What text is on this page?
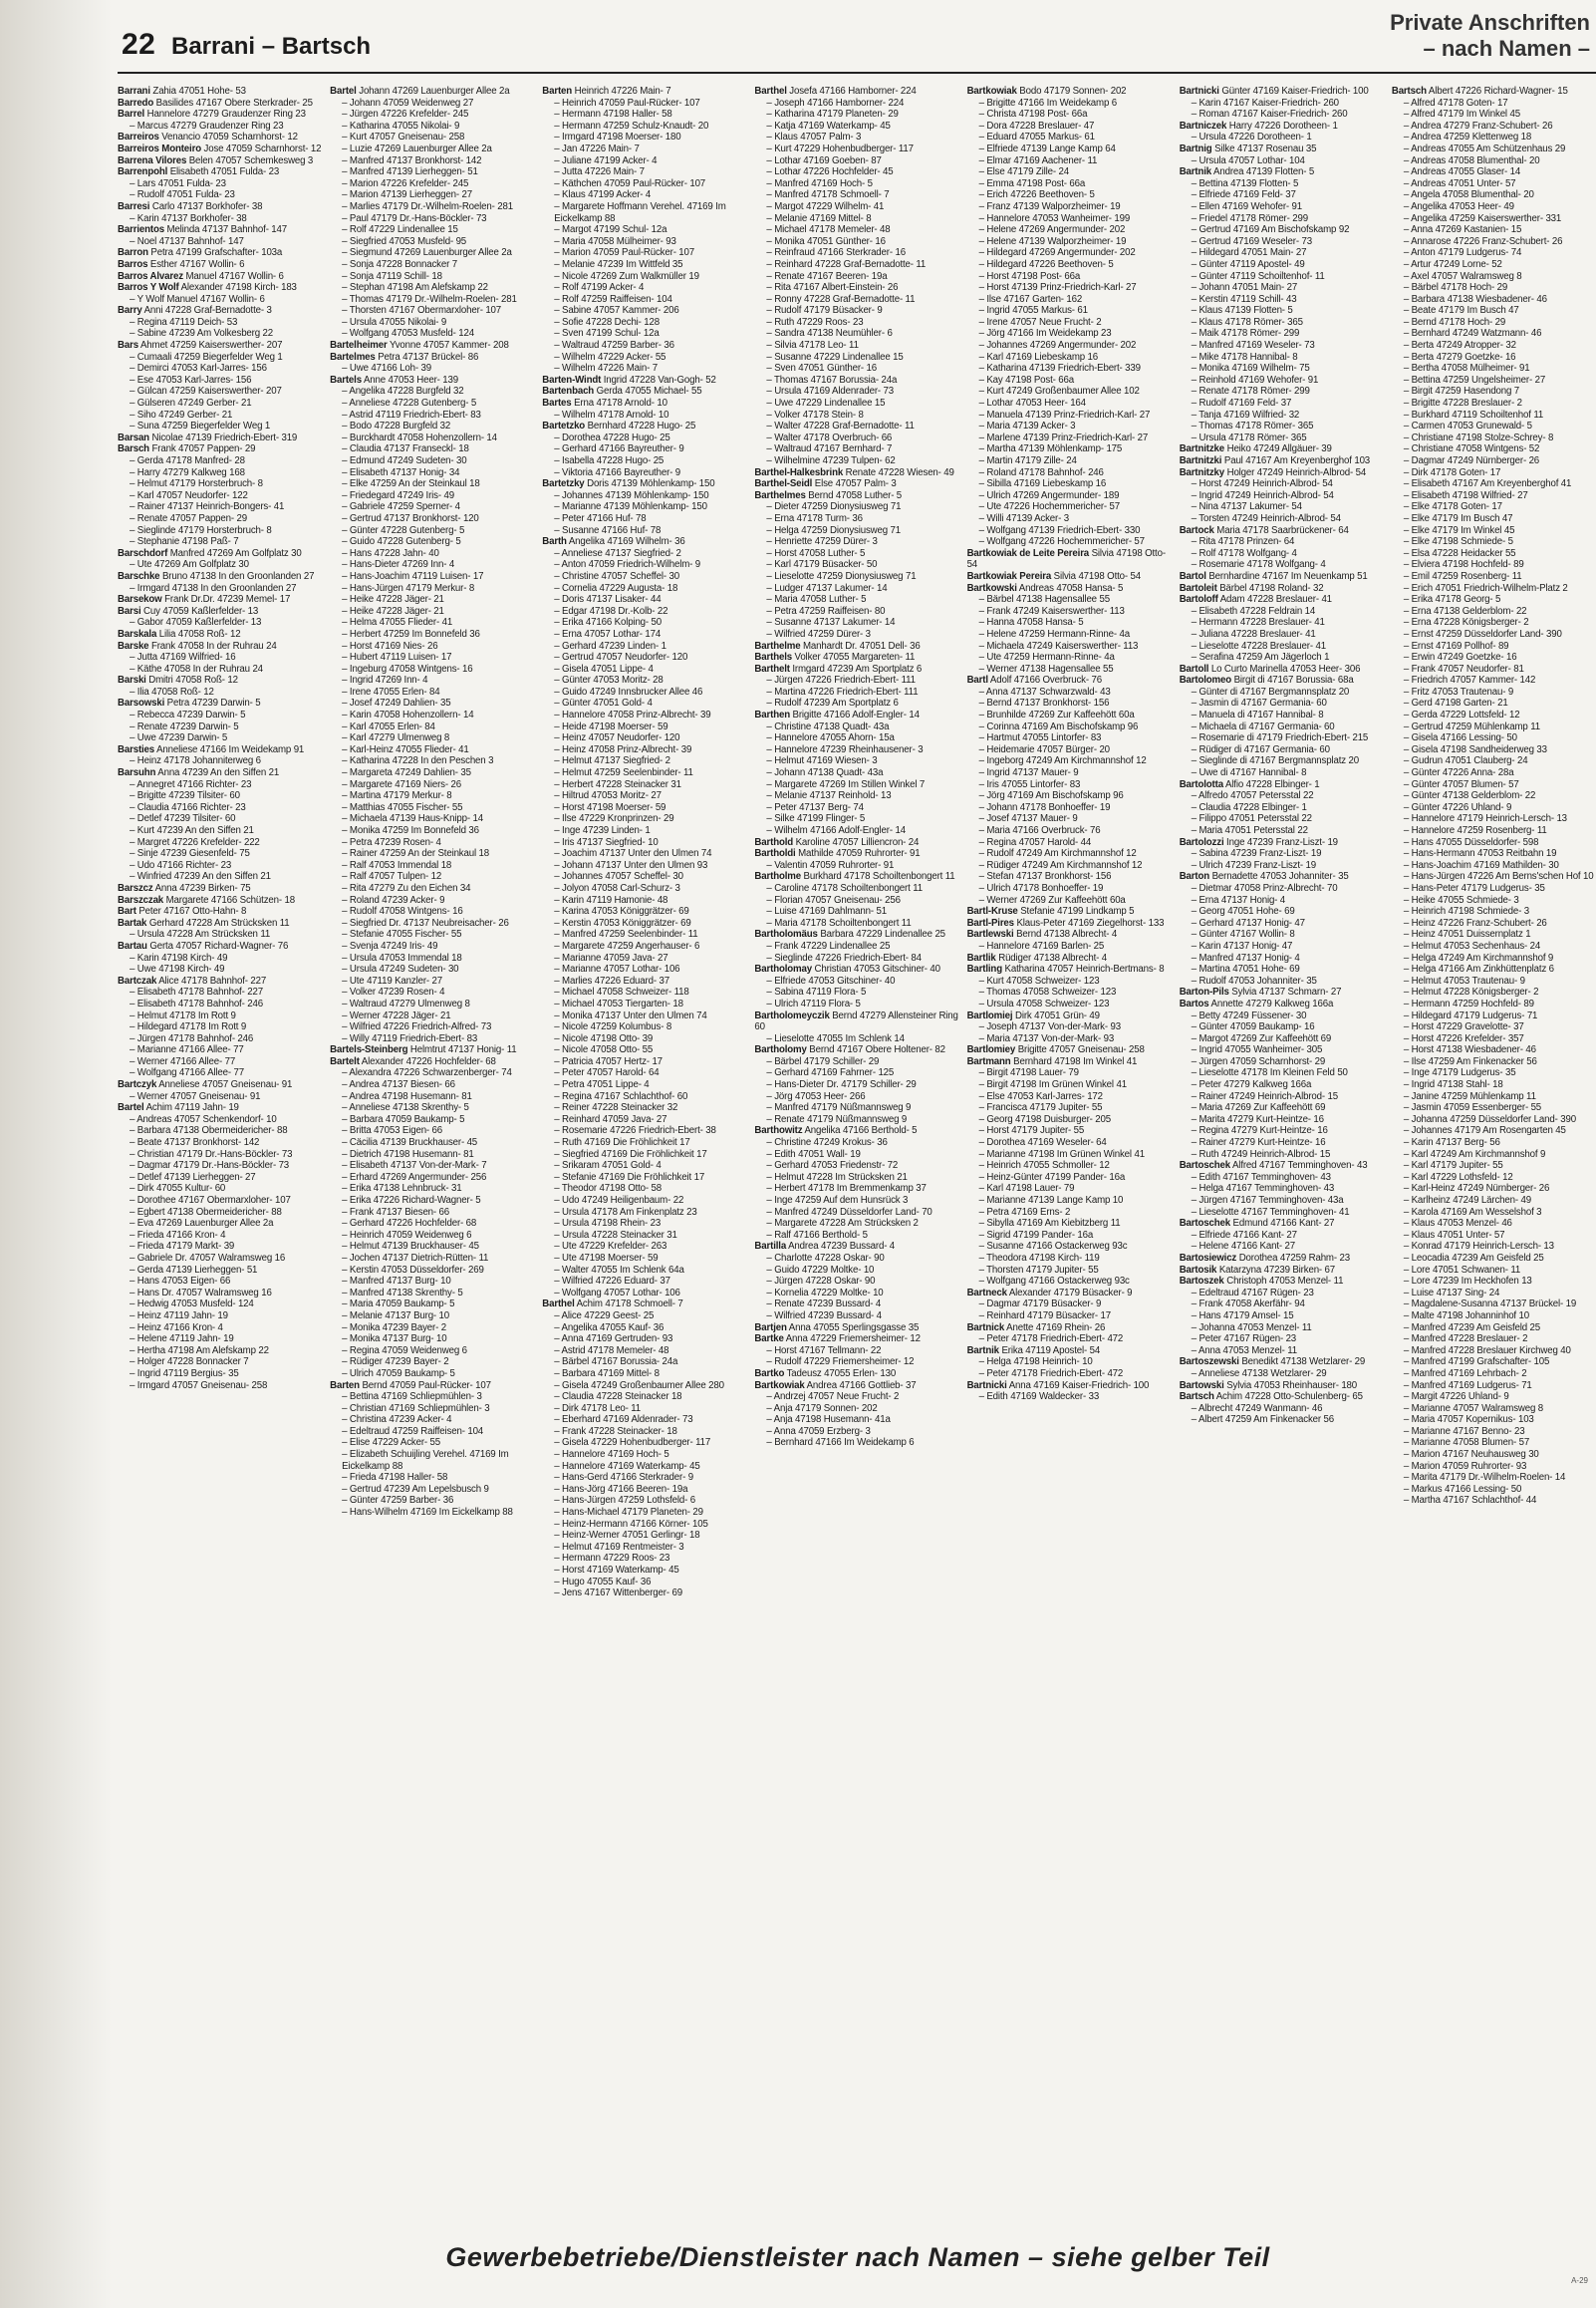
22 Barrani – Bartsch
Private Anschriften
– nach Namen –
Barrani Zahia 47051 Hohe- 53
Barredo Basilides 47167 Obere Sterkrader- 25
Barrel Hannelore 47279 Graudenzer Ring 23
– Marcus 47279 Graudenzer Ring 23
Barreiros Venancio 47059 Scharnhorst- 12
Barreiros Monteiro Jose 47059 Scharnhorst- 12
Barrena Vilores Belen 47057 Schemkesweg 3
Barrenpohl Elisabeth 47051 Fulda- 23
– Lars 47051 Fulda- 23
– Rudolf 47051 Fulda- 23
Barresi Carlo 47137 Borkhofer- 38
– Karin 47137 Borkhofer- 38
Barrientos Melinda 47137 Bahnhof- 147
– Noel 47137 Bahnhof- 147
Barron Petra 47199 Grafschafter- 103a
Barros Esther 47167 Wollin- 6
Barros Alvarez Manuel 47167 Wollin- 6
Barros Y Wolf Alexander 47198 Kirch- 183
– Y Wolf Manuel 47167 Wollin- 6
Barry Anni 47228 Graf-Bernadotte- 3
– Regina 47119 Deich- 53
– Sabine 47239 Am Volkesberg 22
Bars Ahmet 47259 Kaiserswerther- 207
– Cumaali 47259 Biegerfelder Weg 1
– Demirci 47053 Karl-Jarres- 156
– Ese 47053 Karl-Jarres- 156
– Gülcan 47259 Kaiserswerther- 207
– Gülseren 47249 Gerber- 21
– Siho 47249 Gerber- 21
– Suna 47259 Biegerfelder Weg 1
Barsan Nicolae 47139 Friedrich-Ebert- 319
Barsch Frank 47057 Pappen- 29
– Gerda 47178 Manfred- 28
– Harry 47279 Kalkweg 168
– Helmut 47179 Horsterbruch- 8
– Karl 47057 Neudorfer- 122
– Rainer 47137 Heinrich-Bongers- 41
– Renate 47057 Pappen- 29
– Sieglinde 47179 Horsterbruch- 8
– Stephanie 47198 Paß- 7
Barschdorf Manfred 47269 Am Golfplatz 30
– Ute 47269 Am Golfplatz 30
Barschke Bruno 47138 In den Groonlanden 27
– Irmgard 47138 In den Groonlanden 27
Barsekow Frank Dr.Dr. 47239 Memel- 17
Barsi Cuy 47059 Kaßlerfelder- 13
– Gabor 47059 Kaßlerfelder- 13
Barskala Lilia 47058 Roß- 12
Barske Frank 47058 In der Ruhrau 24
– Jutta 47169 Wilfried- 16
– Käthe 47058 In der Ruhrau 24
Barski Dmitri 47058 Roß- 12
– Ilia 47058 Roß- 12
Barsowski Petra 47239 Darwin- 5
– Rebecca 47239 Darwin- 5
– Renate 47239 Darwin- 5
– Uwe 47239 Darwin- 5
Barsties Anneliese 47166 Im Weidekamp 91
– Heinz 47178 Johanniterweg 6
Barsuhn Anna 47239 An den Siffen 21
– Annegret 47166 Richter- 23
– Brigitte 47239 Tilsiter- 60
– Claudia 47166 Richter- 23
– Detlef 47239 Tilsiter- 60
– Kurt 47239 An den Siffen 21
– Margret 47226 Krefelder- 222
– Sinje 47239 Giesenfeld- 75
– Udo 47166 Richter- 23
– Winfried 47239 An den Siffen 21
Barszcz Anna 47239 Birken- 75
Barszczak Margarete 47166 Schützen- 18
Bart Peter 47167 Otto-Hahn- 8
Bartak Gerhard 47228 Am Strücksken 11
– Ursula 47228 Am Strücksken 11
Bartau Gerta 47057 Richard-Wagner- 76
– Karin 47198 Kirch- 49
– Uwe 47198 Kirch- 49
Bartczak Alice 47178 Bahnhof- 227
– Elisabeth 47178 Bahnhof- 227
– Elisabeth 47178 Bahnhof- 246
– Helmut 47178 Im Rott 9
– Hildegard 47178 Im Rott 9
– Jürgen 47178 Bahnhof- 246
– Marianne 47166 Allee- 77
– Werner 47166 Allee- 77
– Wolfgang 47166 Allee- 77
Bartczyk Anneliese 47057 Gneisenau- 91
– Werner 47057 Gneisenau- 91
Bartel Achim 47119 Jahn- 19
– Andreas 47057 Schenkendorf- 10
– Barbara 47138 Obermeidericher- 88
– Beate 47137 Bronkhorst- 142
– Christian 47179 Dr.-Hans-Böckler- 73
– Dagmar 47179 Dr.-Hans-Böckler- 73
– Detlef 47139 Lierheggen- 27
– Dirk 47055 Kultur- 60
– Dorothee 47167 Obermarxloher- 107
– Egbert 47138 Obermeidericher- 88
– Eva 47269 Lauenburger Allee 2a
– Frieda 47166 Kron- 4
– Frieda 47179 Markt- 39
– Gabriele Dr. 47057 Walramsweg 16
– Gerda 47139 Lierheggen- 51
– Hans 47053 Eigen- 66
– Hans Dr. 47057 Walramsweg 16
– Hedwig 47053 Musfeld- 124
– Heinz 47119 Jahn- 19
– Heinz 47166 Kron- 4
– Helene 47119 Jahn- 19
– Hertha 47198 Am Alefskamp 22
– Holger 47228 Bonnacker 7
– Ingrid 47119 Bergius- 35
– Irmgard 47057 Gneisenau- 258
Bartel Johann 47269 Lauenburger Allee 2a
– Johann 47059 Weidenweg 27
– Jürgen 47226 Krefelder- 245
– Katharina 47055 Nikolai- 9
– Kurt 47057 Gneisenau- 258
– Luzie 47269 Lauenburger Allee 2a
– Manfred 47137 Bronkhorst- 142
– Manfred 47139 Lierheggen- 51
– Marion 47226 Krefelder- 245
– Marion 47139 Lierheggen- 27
– Marlies 47179 Dr.-Wilhelm-Roelen- 281
– Paul 47179 Dr.-Hans-Böckler- 73
– Rolf 47229 Lindenallee 15
– Siegfried 47053 Musfeld- 95
– Siegmund 47269 Lauenburger Allee 2a
– Sonja 47228 Bonnacker 7
– Sonja 47119 Schill- 18
– Stephan 47198 Am Alefskamp 22
– Thomas 47179 Dr.-Wilhelm-Roelen- 281
– Thorsten 47167 Obermarxloher- 107
– Ursula 47055 Nikolai- 9
– Wolfgang 47053 Musfeld- 124
Bartelheimer Yvonne 47057 Kammer- 208
Bartelmes Petra 47137 Brückel- 86
– Uwe 47166 Loh- 39
Bartels Anne 47053 Heer- 139
– Angelika 47228 Burgfeld 32
– Anneliese 47228 Gutenberg- 5
– Astrid 47119 Friedrich-Ebert- 83
– Bodo 47228 Burgfeld 32
– Burckhardt 47058 Hohenzollern- 14
– Claudia 47137 Franseckl- 18
– Edmund 47249 Sudeten- 30
– Elisabeth 47137 Honig- 34
– Elke 47259 An der Steinkaul 18
– Friedegard 47249 Iris- 49
– Gabriele 47259 Sperner- 4
– Gertrud 47137 Bronkhorst- 120
– Günter 47228 Gutenberg- 5
– Guido 47228 Gutenberg- 5
– Hans 47228 Jahn- 40
– Hans-Dieter 47269 Inn- 4
– Hans-Joachim 47119 Luisen- 17
– Hans-Jürgen 47179 Merkur- 8
– Heike 47228 Jäger- 21
– Heike 47228 Jäger- 21
– Helma 47055 Flieder- 41
– Herbert 47259 Im Bonnefeld 36
– Horst 47169 Nies- 26
– Hubert 47119 Luisen- 17
– Ingeburg 47058 Wintgens- 16
– Ingrid 47269 Inn- 4
– Irene 47055 Erlen- 84
– Josef 47249 Dahlien- 35
– Karin 47058 Hohenzollern- 14
– Karl 47055 Erlen- 84
– Karl 47279 Ulmenweg 8
– Karl-Heinz 47055 Flieder- 41
– Katharina 47228 In den Peschen 3
– Margareta 47249 Dahlien- 35
– Margarete 47169 Niers- 26
– Martina 47179 Merkur- 8
– Matthias 47055 Fischer- 55
– Michaela 47139 Haus-Knipp- 14
– Monika 47259 Im Bonnefeld 36
– Petra 47239 Rosen- 4
– Rainer 47259 An der Steinkaul 18
– Ralf 47053 Immendal 18
– Ralf 47057 Tulpen- 12
– Rita 47279 Zu den Eichen 34
– Roland 47239 Acker- 9
– Rudolf 47058 Wintgens- 16
– Siegfried Dr. 47137 Neubreisacher- 26
– Stefanie 47055 Fischer- 55
– Svenja 47249 Iris- 49
– Ursula 47053 Immendal 18
– Ursula 47249 Sudeten- 30
– Ute 47119 Kanzler- 27
– Volker 47239 Rosen- 4
– Waltraud 47279 Ulmenweg 8
– Werner 47228 Jäger- 21
– Wilfried 47226 Friedrich-Alfred- 73
– Willy 47119 Friedrich-Ebert- 83
Bartels-Steinberg Helmtrut 47137 Honig- 11
Bartelt Alexander 47226 Hochfelder- 68
– Alexandra 47226 Schwarzenberger- 74
– Andrea 47137 Biesen- 66
– Andrea 47198 Husemann- 81
– Anneliese 47138 Skrenthy- 5
– Barbara 47059 Baukamp- 5
– Britta 47053 Eigen- 66
– Cäcilia 47139 Bruckhauser- 45
– Dietrich 47198 Husemann- 81
– Elisabeth 47137 Von-der-Mark- 7
– Erhard 47269 Angermunder- 256
– Erika 47138 Lehnbruck- 31
– Erika 47226 Richard-Wagner- 5
– Frank 47137 Biesen- 66
– Gerhard 47226 Hochfelder- 68
– Heinrich 47059 Weidenweg 6
– Helmut 47139 Bruckhauser- 45
– Jochen 47137 Dietrich-Rütten- 11
– Kerstin 47053 Düsseldorfer- 269
– Manfred 47137 Burg- 10
– Manfred 47138 Skrenthy- 5
– Maria 47059 Baukamp- 5
– Melanie 47137 Burg- 10
– Monika 47239 Bayer- 2
– Monika 47137 Burg- 10
– Regina 47059 Weidenweg 6
– Rüdiger 47239 Bayer- 2
– Ulrich 47059 Baukamp- 5
Barten Bernd 47059 Paul-Rücker- 107
– Bettina 47169 Schliepmühlen- 3
– Christian 47169 Schliepmühlen- 3
– Christina 47239 Acker- 4
– Edeltraud 47259 Raiffeisen- 104
– Elise 47229 Acker- 55
– Elizabeth Schuijling Verehel. 47169 Im Eickelkamp 88
– Frieda 47198 Haller- 58
– Gertrud 47239 Am Lepelsbusch 9
– Günter 47259 Barber- 36
– Hans-Wilhelm 47169 Im Eickelkamp 88
Barten Heinrich 47226 Main- 7
– Heinrich 47059 Paul-Rücker- 107
– Hermann 47198 Haller- 58
– Hermann 47259 Schulz-Knaudt- 20
– Irmgard 47198 Moerser- 180
– Jan 47226 Main- 7
– Juliane 47199 Acker- 4
– Jutta 47226 Main- 7
– Käthchen 47059 Paul-Rücker- 107
– Klaus 47199 Acker- 4
– Margarete Hoffmann Verehel. 47169 Im Eickelkamp 88
– Margot 47199 Schul- 12a
– Maria 47058 Mülheimer- 93
– Marion 47059 Paul-Rücker- 107
– Melanie 47239 Im Wittfeld 35
– Nicole 47269 Zum Walkmüller 19
– Rolf 47199 Acker- 4
– Rolf 47259 Raiffeisen- 104
– Sabine 47057 Kammer- 206
– Sofie 47228 Dechi- 128
– Sven 47199 Schul- 12a
– Waltraud 47259 Barber- 36
– Wilhelm 47229 Acker- 55
– Wilhelm 47226 Main- 7
Barten-Windt Ingrid 47228 Van-Gogh- 52
Bartenbach Gerda 47055 Michael- 55
Bartes Erna 47178 Arnold- 10
– Wilhelm 47178 Arnold- 10
Bartetzko Bernhard 47228 Hugo- 25
– Dorothea 47228 Hugo- 25
– Gerhard 47166 Bayreuther- 9
– Isabella 47228 Hugo- 25
– Viktoria 47166 Bayreuther- 9
Bartetzky Doris 47139 Möhlenkamp- 150
– Johannes 47139 Möhlenkamp- 150
– Marianne 47139 Möhlenkamp- 150
– Peter 47166 Huf- 78
– Susanne 47166 Huf- 78
Barth Angelika 47169 Wilhelm- 36
– Anneliese 47137 Siegfried- 2
– Anton 47059 Friedrich-Wilhelm- 9
– Christine 47057 Scheffel- 30
– Cornelia 47229 Augusta- 18
– Doris 47137 Lisaker- 44
– Edgar 47198 Dr.-Kolb- 22
– Erika 47166 Kolping- 50
– Erna 47057 Lothar- 174
– Gerhard 47239 Linden- 1
– Gertrud 47057 Neudorfer- 120
– Gisela 47051 Lippe- 4
– Günter 47053 Moritz- 28
– Guido 47249 Innsbrucker Allee 46
– Günter 47051 Gold- 4
– Hannelore 47058 Prinz-Albrecht- 39
– Heide 47198 Moerser- 59
– Heinz 47057 Neudorfer- 120
– Heinz 47058 Prinz-Albrecht- 39
– Helmut 47137 Siegfried- 2
– Helmut 47259 Seelenbinder- 11
– Herbert 47228 Steinacker 31
– Hiltrud 47053 Moritz- 27
– Horst 47198 Moerser- 59
– Ilse 47229 Kronprinzen- 29
– Inge 47239 Linden- 1
– Iris 47137 Siegfried- 10
– Joachim 47137 Unter den Ulmen 74
– Johann 47137 Unter den Ulmen 93
– Johannes 47057 Scheffel- 30
– Jolyon 47058 Carl-Schurz- 3
– Karin 47119 Hamonie- 48
– Karina 47053 Königgrätzer- 69
– Kerstin 47053 Königgrätzer- 69
– Manfred 47259 Seelenbinder- 11
– Margarete 47259 Angerhauser- 6
– Marianne 47059 Java- 27
– Marianne 47057 Lothar- 106
– Marlies 47226 Eduard- 37
– Michael 47058 Schweizer- 118
– Michael 47053 Tiergarten- 18
– Monika 47137 Unter den Ulmen 74
– Nicole 47259 Kolumbus- 8
– Nicole 47198 Otto- 39
– Nicole 47058 Otto- 55
– Patricia 47057 Hertz- 17
– Peter 47057 Harold- 64
– Petra 47051 Lippe- 4
– Regina 47167 Schlachthof- 60
– Reiner 47228 Steinacker 32
– Reinhard 47059 Java- 27
– Rosemarie 47226 Friedrich-Ebert- 38
– Ruth 47169 Die Fröhlichkeit 17
– Siegfried 47169 Die Fröhlichkeit 17
– Srikaram 47051 Gold- 4
– Stefanie 47169 Die Fröhlichkeit 17
– Theodor 47198 Otto- 58
– Udo 47249 Heiligenbaum- 22
– Ursula 47178 Am Finkenplatz 23
– Ursula 47198 Rhein- 23
– Ursula 47228 Steinacker 31
– Ute 47229 Krefelder- 263
– Ute 47198 Moerser- 59
– Walter 47055 Im Schlenk 64a
– Wilfried 47226 Eduard- 37
– Wolfgang 47057 Lothar- 106
Barthel Achim 47178 Schmoell- 7
– Alice 47229 Geest- 25
– Angelika 47055 Kauf- 36
– Anna 47169 Gertruden- 93
– Astrid 47178 Memeler- 48
– Bärbel 47167 Borussia- 24a
– Barbara 47169 Mittel- 8
– Gisela 47249 Großenbaumer Allee 280
– Claudia 47228 Steinacker 18
– Dirk 47178 Leo- 11
– Eberhard 47169 Aldenrader- 73
– Frank 47228 Steinacker- 18
– Gisela 47229 Hohenbudberger- 117
– Hannelore 47169 Hoch- 5
– Hannelore 47169 Waterkamp- 45
– Hans-Gerd 47166 Sterkrader- 9
– Hans-Jörg 47166 Beeren- 19a
– Hans-Jürgen 47259 Lothsfeld- 6
– Hans-Michael 47179 Planeten- 29
– Heinz-Hermann 47166 Körner- 105
– Heinz-Werner 47051 Gerlingr- 18
– Helmut 47169 Rentmeister- 3
– Hermann 47229 Roos- 23
– Horst 47169 Waterkamp- 45
– Hugo 47055 Kauf- 36
– Jens 47167 Wittenberger- 69
Barthel Josefa 47166 Hamborner- 224
– Joseph 47166 Hamborner- 224
– Katharina 47179 Planeten- 29
– Katja 47169 Waterkamp- 45
– Klaus 47057 Palm- 3
– Kurt 47229 Hohenbudberger- 117
– Lothar 47169 Goeben- 87
– Lothar 47226 Hochfelder- 45
– Manfred 47169 Hoch- 5
– Manfred 47178 Schmoell- 7
– Margot 47229 Wilhelm- 41
– Melanie 47169 Mittel- 8
– Michael 47178 Memeler- 48
– Monika 47051 Günther- 16
– Reinfraud 47166 Sterkrader- 16
– Reinhard 47228 Graf-Bernadotte- 11
– Renate 47167 Beeren- 19a
– Rita 47167 Albert-Einstein- 26
– Ronny 47228 Graf-Bernadotte- 11
– Rudolf 47179 Büsacker- 9
– Ruth 47229 Roos- 23
– Sandra 47138 Neumühler- 6
– Silvia 47178 Leo- 11
– Susanne 47229 Lindenallee 15
– Sven 47051 Günther- 16
– Thomas 47167 Borussia- 24a
– Ursula 47169 Aldenrader- 73
– Uwe 47229 Lindenallee 15
– Volker 47178 Stein- 8
– Walter 47228 Graf-Bernadotte- 11
– Walter 47178 Overbruch- 66
– Waltraud 47167 Bernhard- 7
– Wilhelmine 47239 Tulpen- 62
Barthel-Halkesbrink Renate 47228 Wiesen- 49
Barthel-Seidl Else 47057 Palm- 3
Barthelmes Bernd 47058 Luther- 5
– Dieter 47259 Dionysiusweg 71
– Erna 47178 Turm- 36
– Helga 47259 Dionysiusweg 71
– Henriette 47259 Dürer- 3
– Horst 47058 Luther- 5
– Karl 47179 Büsacker- 50
– Lieselotte 47259 Dionysiusweg 71
– Ludger 47137 Lakumer- 14
– Maria 47058 Luther- 5
– Petra 47259 Raiffeisen- 80
– Susanne 47137 Lakumer- 14
– Wilfried 47259 Dürer- 3
Barthelme Manhardt Dr. 47051 Dell- 36
Barthels Volker 47055 Margareten- 11
Barthelt Irmgard 47239 Am Sportplatz 6
– Jürgen 47226 Friedrich-Ebert- 111
– Martina 47226 Friedrich-Ebert- 111
– Rudolf 47239 Am Sportplatz 6
Barthen Brigitte 47166 Adolf-Engler- 14
– Christine 47138 Quadt- 43a
– Hannelore 47055 Ahorn- 15a
– Hannelore 47239 Rheinhausener- 3
– Helmut 47169 Wiesen- 3
– Johann 47138 Quadt- 43a
– Margarete 47269 Im Stillen Winkel 7
– Melanie 47137 Reinhold- 13
– Peter 47137 Berg- 74
– Silke 47199 Flinger- 5
– Wilhelm 47166 Adolf-Engler- 14
Barthold Karoline 47057 Lilliencron- 24
Bartholdi Mathilde 47059 Ruhrorter- 91
– Valentin 47059 Ruhrorter- 91
Bartholme Burkhard 47178 Schoiltenbongert 11
– Caroline 47178 Schoiltenbongert 11
– Florian 47057 Gneisenau- 256
– Luise 47169 Dahlmann- 51
– Maria 47178 Schoiltenbongert 11
Bartholomäus Barbara 47229 Lindenallee 25
– Frank 47229 Lindenallee 25
– Sieglinde 47226 Friedrich-Ebert- 84
Bartholomay Christian 47053 Gitschiner- 40
– Elfriede 47053 Gitschiner- 40
– Sabina 47119 Flora- 5
– Ulrich 47119 Flora- 5
Bartholomeyczik Bernd 47279 Allensteiner Ring 60
– Lieselotte 47055 Im Schlenk 14
Bartholomy Bernd 47167 Obere Holtener- 82
– Bärbel 47179 Schiller- 29
– Gerhard 47169 Fahrner- 125
– Hans-Dieter Dr. 47179 Schiller- 29
– Jörg 47053 Heer- 266
– Manfred 47179 Nüßmannsweg 9
– Renate 47179 Nüßmannsweg 9
Barthowitz Angelika 47166 Berthold- 5
– Christine 47249 Krokus- 36
– Edith 47051 Wall- 19
– Gerhard 47053 Friedenstr- 72
– Helmut 47228 Im Strücksken 21
– Herbert 47178 Im Bremmenkamp 37
– Inge 47259 Auf dem Hunsrück 3
– Manfred 47249 Düsseldorfer Land- 70
– Margarete 47228 Am Strücksken 2
– Ralf 47166 Berthold- 5
Bartilla Andrea 47239 Bussard- 4
– Charlotte 47228 Oskar- 90
– Guido 47229 Moltke- 10
– Jürgen 47228 Oskar- 90
– Kornelia 47229 Moltke- 10
– Renate 47239 Bussard- 4
– Wilfried 47239 Bussard- 4
Bartjen Anna 47055 Sperlingsgasse 35
Bartke Anna 47229 Friemersheimer- 12
– Horst 47167 Tellmann- 22
– Rudolf 47229 Friemersheimer- 12
Bartko Tadeusz 47055 Erlen- 130
Bartkowiak Andrea 47166 Gottlieb- 37
– Andrzej 47057 Neue Frucht- 2
– Anja 47179 Sonnen- 202
– Anja 47198 Husemann- 41a
– Anna 47059 Erzberg- 3
– Bernhard 47166 Im Weidekamp 6
Bartkowiak Bodo 47179 Sonnen- 202
– Brigitte 47166 Im Weidekamp 6
– Christa 47198 Post- 66a
– Dora 47228 Breslauer- 47
– Eduard 47055 Markus- 61
– Elfriede 47139 Lange Kamp 64
– Elmar 47169 Aachener- 11
– Else 47179 Zille- 24
– Emma 47198 Post- 66a
– Erich 47226 Beethoven- 5
– Franz 47139 Walporzheimer- 19
– Hannelore 47053 Wanheimer- 199
– Helene 47269 Angermunder- 202
– Helene 47139 Walporzheimer- 19
– Hildegard 47269 Angermunder- 202
– Hildegard 47226 Beethoven- 5
– Horst 47198 Post- 66a
– Horst 47139 Prinz-Friedrich-Karl- 27
– Ilse 47167 Garten- 162
– Ingrid 47055 Markus- 61
– Irene 47057 Neue Frucht- 2
– Jörg 47166 Im Weidekamp 23
– Johannes 47269 Angermunder- 202
– Karl 47169 Liebeskamp 16
– Katharina 47139 Friedrich-Ebert- 339
– Kay 47198 Post- 66a
– Kurt 47249 Großenbaumer Allee 102
– Lothar 47053 Heer- 164
– Manuela 47139 Prinz-Friedrich-Karl- 27
– Maria 47139 Acker- 3
– Marlene 47139 Prinz-Friedrich-Karl- 27
– Martha 47139 Möhlenkamp- 175
– Martin 47179 Zille- 24
– Roland 47178 Bahnhof- 246
– Sibilla 47169 Liebeskamp 16
– Ulrich 47269 Angermunder- 189
– Ute 47226 Hochemmericher- 57
– Willi 47139 Acker- 3
– Wolfgang 47139 Friedrich-Ebert- 330
– Wolfgang 47226 Hochemmericher- 57
Bartkowiak de Leite Pereira Silvia 47198 Otto- 54
Bartkowiak Pereira Silvia 47198 Otto- 54
Bartkowski Andreas 47058 Hansa- 5
– Bärbel 47138 Hagensallee 55
– Frank 47249 Kaiserswerther- 113
– Hanna 47058 Hansa- 5
– Helene 47259 Hermann-Rinne- 4a
– Michaela 47249 Kaiserswerther- 113
– Ute 47259 Hermann-Rinne- 4a
– Werner 47138 Hagensallee 55
Bartl Adolf 47166 Overbruck- 76
– Anna 47137 Schwarzwald- 43
– Bernd 47137 Bronkhorst- 156
– Brunhilde 47269 Zur Kaffeehött 60a
– Corinna 47169 Am Bischofskamp 96
– Hartmut 47055 Lintorfer- 83
– Heidemarie 47057 Bürger- 20
– Ingeborg 47249 Am Kirchmannshof 12
– Ingrid 47137 Mauer- 9
– Iris 47055 Lintorfer- 83
– Jörg 47169 Am Bischofskamp 96
– Johann 47178 Bonhoeffer- 19
– Josef 47137 Mauer- 9
– Maria 47166 Overbruck- 76
– Regina 47057 Harold- 44
– Rudolf 47249 Am Kirchmannshof 12
– Rüdiger 47249 Am Kirchmannshof 12
– Stefan 47137 Bronkhorst- 156
– Ulrich 47178 Bonhoeffer- 19
– Werner 47269 Zur Kaffeehött 60a
Bartl-Kruse Stefanie 47199 Lindkamp 5
Bartl-Pires Klaus-Peter 47169 Ziegelhorst- 133
Bartlewski Bernd 47138 Albrecht- 4
– Hannelore 47169 Barlen- 25
Bartlik Rüdiger 47138 Albrecht- 4
Bartling Katharina 47057 Heinrich-Bertmans- 8
– Kurt 47058 Schweizer- 123
– Thomas 47058 Schweizer- 123
– Ursula 47058 Schweizer- 123
Bartlomiej Dirk 47051 Grün- 49
– Joseph 47137 Von-der-Mark- 93
– Maria 47137 Von-der-Mark- 93
Bartlomiey Brigitte 47057 Gneisenau- 258
Bartmann Bernhard 47198 Im Winkel 41
– Birgit 47198 Lauer- 79
– Birgit 47198 Im Grünen Winkel 41
– Else 47053 Karl-Jarres- 172
– Francisca 47179 Jupiter- 55
– Georg 47198 Duisburger- 205
– Horst 47179 Jupiter- 55
– Dorothea 47169 Weseler- 64
– Marianne 47198 Im Grünen Winkel 41
– Heinrich 47055 Schmoller- 12
– Heinz-Günter 47199 Pander- 16a
– Karl 47198 Lauer- 79
– Marianne 47139 Lange Kamp 10
– Petra 47169 Erns- 2
– Sibylla 47169 Am Kiebitzberg 11
– Sigrid 47199 Pander- 16a
– Susanne 47166 Ostackerweg 93c
– Theodora 47198 Kirch- 119
– Thorsten 47179 Jupiter- 55
– Wolfgang 47166 Ostackerweg 93c
Bartneck Alexander 47179 Büsacker- 9
– Dagmar 47179 Büsacker- 9
– Reinhard 47179 Büsacker- 17
Bartnick Anette 47169 Rhein- 26
– Peter 47178 Friedrich-Ebert- 472
Bartnik Erika 47119 Apostel- 54
– Helga 47198 Heinrich- 10
– Peter 47178 Friedrich-Ebert- 472
Bartnicki Anna 47169 Kaiser-Friedrich- 100
– Edith 47169 Waldecker- 33
Bartnicki Günter 47169 Kaiser-Friedrich- 100
– Karin 47167 Kaiser-Friedrich- 260
– Roman 47167 Kaiser-Friedrich- 260
Bartniczek Harry 47226 Dorotheen- 1
– Ursula 47226 Dorotheen- 1
Bartnig Silke 47137 Rosenau 35
– Ursula 47057 Lothar- 104
Bartnik Andrea 47139 Flotten- 5
– Bettina 47139 Flotten- 5
– Elfriede 47169 Feld- 37
– Ellen 47169 Wehofer- 91
– Friedel 47178 Römer- 299
– Gertrud 47169 Am Bischofskamp 92
– Gertrud 47169 Weseler- 73
– Hildegard 47051 Main- 27
– Günter 47119 Apostel- 49
– Günter 47119 Schoiltenhof- 11
– Johann 47051 Main- 27
– Kerstin 47119 Schill- 43
– Klaus 47139 Flotten- 5
– Klaus 47178 Römer- 365
– Maik 47178 Römer- 299
– Manfred 47169 Weseler- 73
– Mike 47178 Hannibal- 8
– Monika 47169 Wilhelm- 75
– Reinhold 47169 Wehofer- 91
– Renate 47178 Römer- 299
– Rudolf 47169 Feld- 37
– Tanja 47169 Wilfried- 32
– Thomas 47178 Römer- 365
– Ursula 47178 Römer- 365
Bartnitzke Heiko 47249 Allgäuer- 39
Bartnitzki Paul 47167 Am Kreyenberghof 103
Bartnitzky Holger 47249 Heinrich-Albrod- 54
– Horst 47249 Heinrich-Albrod- 54
– Ingrid 47249 Heinrich-Albrod- 54
– Nina 47137 Lakumer- 54
– Torsten 47249 Heinrich-Albrod- 54
Bartock Maria 47178 Saarbrückener- 64
– Rita 47178 Prinzen- 64
– Rolf 47178 Wolfgang- 4
– Rosemarie 47178 Wolfgang- 4
Bartol Bernhardine 47167 Im Neuenkamp 51
Bartoleit Bärbel 47198 Roland- 32
Bartoloff Adam 47228 Breslauer- 41
– Elisabeth 47228 Feldrain 14
– Hermann 47228 Breslauer- 41
– Juliana 47228 Breslauer- 41
– Lieselotte 47228 Breslauer- 41
– Serafina 47259 Am Jägerloch 1
Bartoll Lo Curto Marinella 47053 Heer- 306
Bartolomeo Birgit di 47167 Borussia- 68a
– Günter di 47167 Bergmannsplatz 20
– Jasmin di 47167 Germania- 60
– Manuela di 47167 Hannibal- 8
– Michaela di 47167 Germania- 60
– Rosemarie di 47179 Friedrich-Ebert- 215
– Rüdiger di 47167 Germania- 60
– Sieglinde di 47167 Bergmannsplatz 20
– Uwe di 47167 Hannibal- 8
Bartolotta Alfio 47228 Elbinger- 1
– Alfredo 47057 Petersstal 22
– Claudia 47228 Elbinger- 1
– Filippo 47051 Petersstal 22
– Maria 47051 Petersstal 22
Bartolozzi Inge 47239 Franz-Liszt- 19
– Sabina 47239 Franz-Liszt- 19
– Ulrich 47239 Franz-Liszt- 19
Barton Bernadette 47053 Johanniter- 35
– Dietmar 47058 Prinz-Albrecht- 70
– Erna 47137 Honig- 4
– Georg 47051 Hohe- 69
– Gerhard 47137 Honig- 47
– Günter 47167 Wollin- 8
– Karin 47137 Honig- 47
– Manfred 47137 Honig- 4
– Martina 47051 Hohe- 69
– Rudolf 47053 Johanniter- 35
Barton-Pils Sylvia 47137 Schmarn- 27
Bartos Annette 47279 Kalkweg 166a
– Betty 47249 Füssener- 30
– Günter 47059 Baukamp- 16
– Margot 47269 Zur Kaffeehött 69
– Ingrid 47055 Wanheimer- 305
– Jürgen 47059 Scharnhorst- 29
– Lieselotte 47178 Im Kleinen Feld 50
– Peter 47279 Kalkweg 166a
– Rainer 47249 Heinrich-Albrod- 15
– Maria 47269 Zur Kaffeehött 69
– Marita 47279 Kurt-Heintze- 16
– Regina 47279 Kurt-Heintze- 16
– Rainer 47279 Kurt-Heintze- 16
– Ruth 47249 Heinrich-Albrod- 15
Bartoschek Alfred 47167 Temminghoven- 43
– Edith 47167 Temminghoven- 43
– Helga 47167 Temminghoven- 43
– Jürgen 47167 Temminghoven- 43a
– Lieselotte 47167 Temminghoven- 41
Bartoschek Edmund 47166 Kant- 27
– Elfriede 47166 Kant- 27
– Helene 47166 Kant- 27
Bartosiewicz Dorothea 47259 Rahm- 23
Bartosik Katarzyna 47239 Birken- 67
Bartoszek Christoph 47053 Menzel- 11
– Edeltraud 47167 Rügen- 23
– Frank 47058 Akerfähr- 94
– Hans 47179 Amsel- 15
– Johanna 47053 Menzel- 11
– Peter 47167 Rügen- 23
– Anna 47053 Menzel- 11
Bartoszewski Benedikt 47138 Wetzlarer- 29
– Anneliese 47138 Wetzlarer- 29
Bartowski Sylvia 47053 Rheinhauser- 180
Bartsch Achim 47228 Otto-Schulenberg- 65
– Albrecht 47249 Wanmann- 46
– Albert 47259 Am Finkenacker 56
Bartsch Albert 47226 Richard-Wagner- 15
– Alfred 47178 Goten- 17
– Alfred 47179 Im Winkel 45
– Andrea 47279 Franz-Schubert- 26
– Andrea 47259 Klettenweg 18
– Andreas 47055 Am Schützenhaus 29
– Andreas 47058 Blumenthal- 20
– Andreas 47055 Glaser- 14
– Andreas 47051 Unter- 57
– Angela 47058 Blumenthal- 20
– Angelika 47053 Heer- 49
– Angelika 47259 Kaiserswerther- 331
– Anna 47269 Kastanien- 15
– Annarose 47226 Franz-Schubert- 26
– Anton 47179 Ludgerus- 74
– Artur 47249 Lorne- 52
– Axel 47057 Walramsweg 8
– Bärbel 47178 Hoch- 29
– Barbara 47138 Wiesbadener- 46
– Beate 47179 Im Busch 47
– Bernd 47178 Hoch- 29
– Bernhard 47249 Watzmann- 46
– Berta 47249 Atropper- 32
– Berta 47279 Goetzke- 16
– Bertha 47058 Mülheimer- 91
– Bettina 47259 Ungelsheimer- 27
– Birgit 47259 Hasendong 7
– Brigitte 47228 Breslauer- 2
– Burkhard 47119 Schoiltenhof 11
– Carmen 47053 Grunewald- 5
– Christiane 47198 Stolze-Schrey- 8
– Christiane 47058 Wintgens- 52
– Dagmar 47249 Nürnberger- 26
– Dirk 47178 Goten- 17
– Elisabeth 47167 Am Kreyenberghof 41
– Elisabeth 47198 Wilfried- 27
– Elke 47178 Goten- 17
– Elke 47179 Im Busch 47
– Elke 47179 Im Winkel 45
– Elke 47198 Schmiede- 5
– Elsa 47228 Heidacker 55
– Elviera 47198 Hochfeld- 89
– Emil 47259 Rosenberg- 11
– Erich 47051 Friedrich-Wilhelm-Platz 2
– Erika 47178 Georg- 5
– Erna 47138 Gelderblom- 22
– Erna 47228 Königsberger- 2
– Ernst 47259 Düsseldorfer Land- 390
– Ernst 47169 Pollhof- 89
– Erwin 47249 Goetzke- 16
– Frank 47057 Neudorfer- 81
– Friedrich 47057 Kammer- 142
– Fritz 47053 Trautenau- 9
– Gerd 47198 Garten- 21
– Gerda 47229 Lottsfeld- 12
– Gertrud 47259 Mühlenkamp 11
– Gisela 47166 Lessing- 50
– Gisela 47198 Sandheiderweg 33
– Gudrun 47051 Clauberg- 24
– Günter 47226 Anna- 28a
– Günter 47057 Blumen- 57
– Günter 47138 Gelderblom- 22
– Günter 47226 Uhland- 9
– Hannelore 47179 Heinrich-Lersch- 13
– Hannelore 47259 Rosenberg- 11
– Hans 47055 Düsseldorfer- 598
– Hans-Hermann 47053 Reitbahn 19
– Hans-Joachim 47169 Mathilden- 30
– Hans-Jürgen 47226 Am Berns'schen Hof 10
– Hans-Peter 47179 Ludgerus- 35
– Heike 47055 Schmiede- 3
– Heinrich 47198 Schmiede- 3
– Heinz 47226 Franz-Schubert- 26
– Heinz 47051 Duissernplatz 1
– Helmut 47053 Sechenhaus- 24
– Helga 47249 Am Kirchmannshof 9
– Helga 47166 Am Zinkhüttenplatz 6
– Helmut 47053 Trautenau- 9
– Helmut 47228 Königsberger- 2
– Hermann 47259 Hochfeld- 89
– Hildegard 47179 Ludgerus- 71
– Horst 47229 Gravelotte- 37
– Horst 47226 Krefelder- 357
– Horst 47138 Wiesbadener- 46
– Ilse 47259 Am Finkenacker 56
– Inge 47179 Ludgerus- 35
– Ingrid 47138 Stahl- 18
– Janine 47259 Mühlenkamp 11
– Jasmin 47059 Essenberger- 55
– Johanna 47259 Düsseldorfer Land- 390
– Johannes 47179 Am Rosengarten 45
– Karin 47137 Berg- 56
– Karl 47249 Am Kirchmannshof 9
– Karl 47179 Jupiter- 55
– Karl 47229 Lothsfeld- 12
– Karl-Heinz 47249 Nürnberger- 26
– Karlheinz 47249 Lärchen- 49
– Karola 47169 Am Wesselshof 3
– Klaus 47053 Menzel- 46
– Klaus 47051 Unter- 57
– Konrad 47179 Heinrich-Lersch- 13
– Leocadia 47239 Am Geisfeld 25
– Lore 47051 Schwanen- 11
– Lore 47239 Im Heckhofen 13
– Luise 47137 Sing- 24
– Magdalene-Susanna 47137 Brückel- 19
– Malte 47198 Johanninhof 10
– Manfred 47239 Am Geisfeld 25
– Manfred 47228 Breslauer- 2
– Manfred 47228 Breslauer Kirchweg 40
– Manfred 47199 Grafschafter- 105
– Manfred 47169 Lehrbach- 2
– Manfred 47169 Ludgerus- 71
– Margit 47226 Uhland- 9
– Marianne 47057 Walramsweg 8
– Maria 47057 Kopernikus- 103
– Marianne 47167 Benno- 23
– Marianne 47058 Blumen- 57
– Marion 47167 Neuhausweg 30
– Marion 47059 Ruhrorter- 93
– Marita 47179 Dr.-Wilhelm-Roelen- 14
– Markus 47166 Lessing- 50
– Martha 47167 Schlachthof- 44
Gewerbebetriebe/Dienstleister nach Namen – siehe gelber Teil
A-29
